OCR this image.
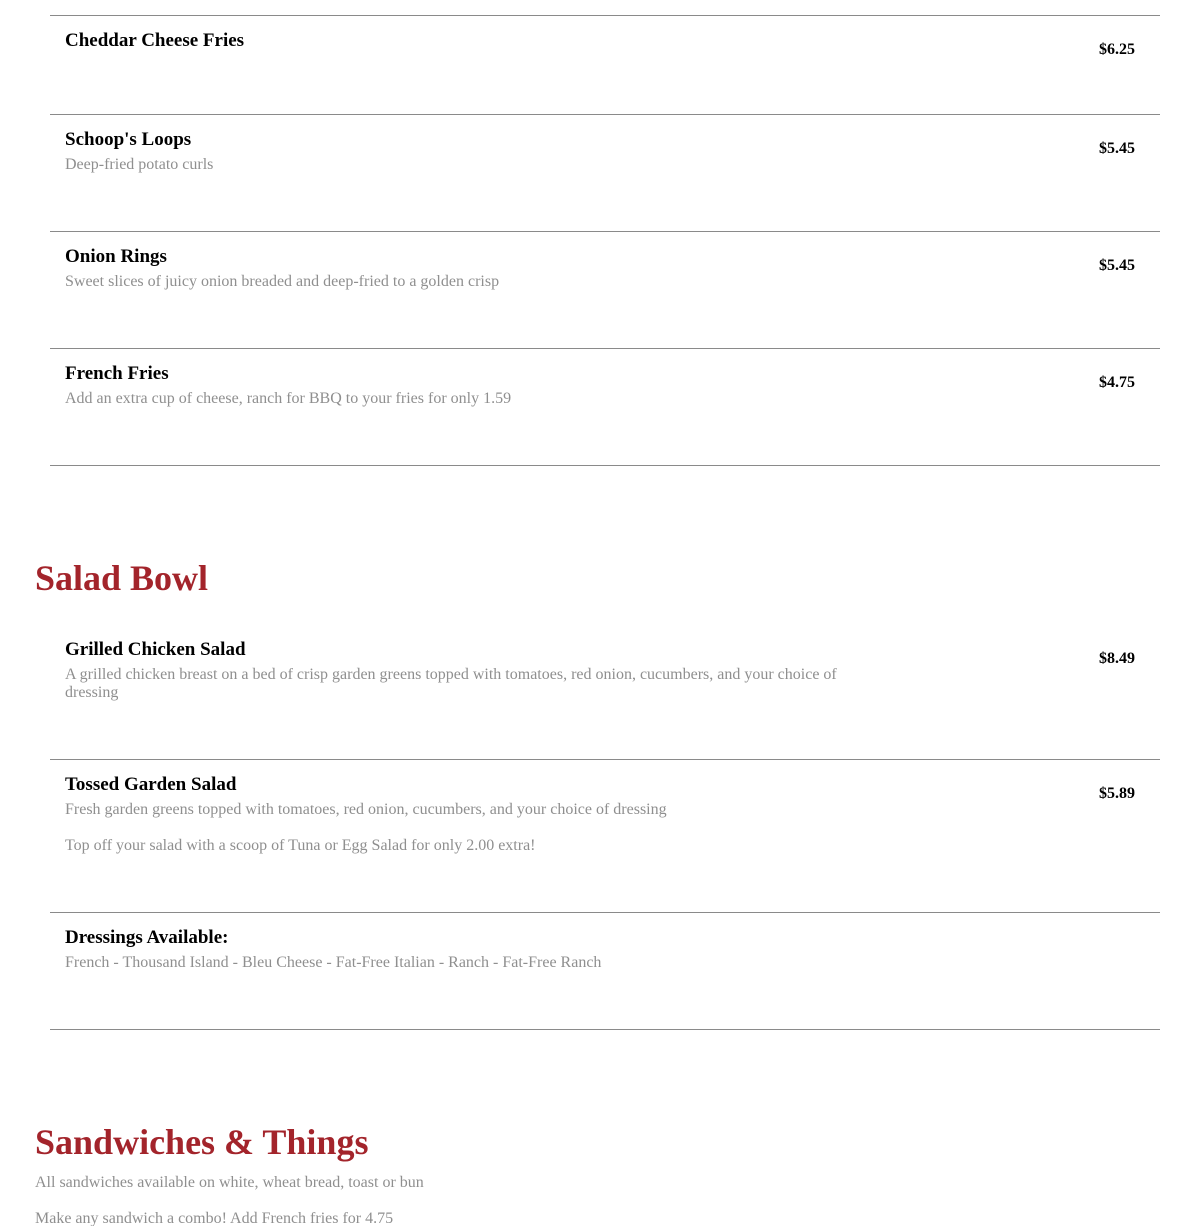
Cheddar Cheese Fries	$6.25
Schoop's Loops
Deep-fried potato curls
$5.45
Onion Rings
Sweet slices of juicy onion breaded and deep-fried to a golden crisp
$5.45
French Fries
Add an extra cup of cheese, ranch for BBQ to your fries for only 1.59
$4.75
Salad Bowl
Grilled Chicken Salad
A grilled chicken breast on a bed of crisp garden greens topped with tomatoes, red onion, cucumbers, and your choice of dressing
$8.49
Tossed Garden Salad
Fresh garden greens topped with tomatoes, red onion, cucumbers, and your choice of dressing
Top off your salad with a scoop of Tuna or Egg Salad for only 2.00 extra!
$5.89
Dressings Available:
French - Thousand Island - Bleu Cheese - Fat-Free Italian - Ranch - Fat-Free Ranch
Sandwiches & Things
All sandwiches available on white, wheat bread, toast or bun
Make any sandwich a combo! Add French fries for 4.75
